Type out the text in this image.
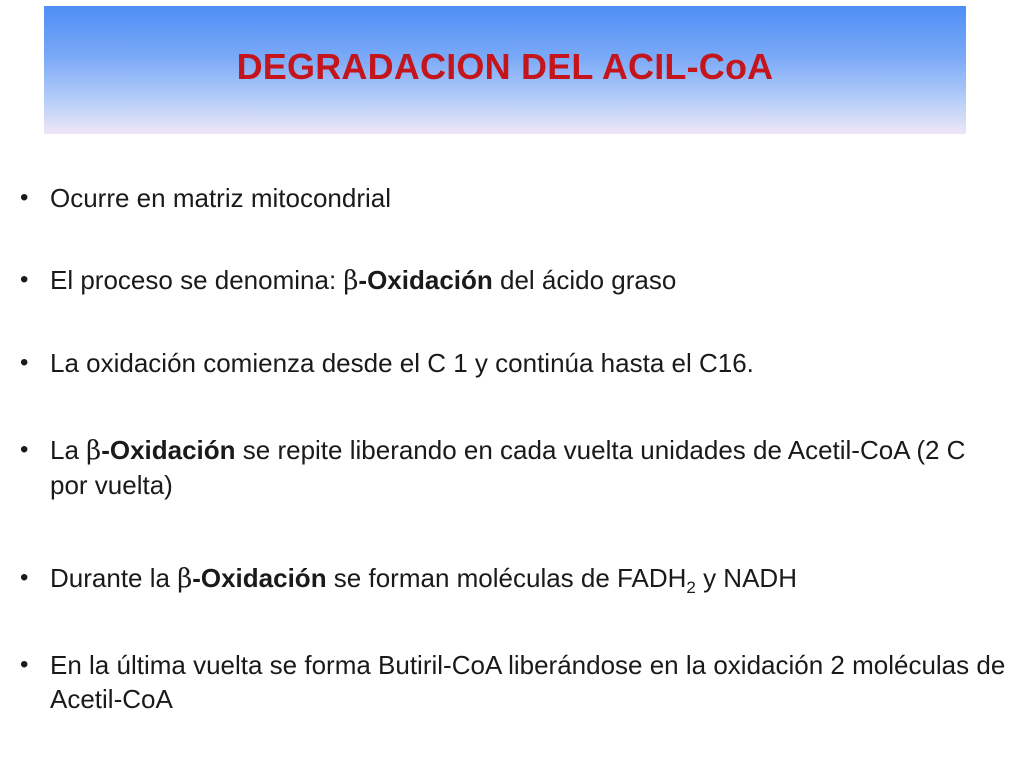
DEGRADACION DEL ACIL-CoA
• Ocurre en matriz mitocondrial
• El proceso se denomina: β-Oxidación del ácido graso
• La oxidación comienza desde el C 1 y continúa hasta el C16.
• La β-Oxidación se repite liberando en cada vuelta unidades de Acetil-CoA (2 C por vuelta)
• Durante la β-Oxidación se forman moléculas de $FADH_2$ y NADH
• En la última vuelta se forma Butiril-CoA liberándose en la oxidación 2 moléculas de Acetil-CoA
